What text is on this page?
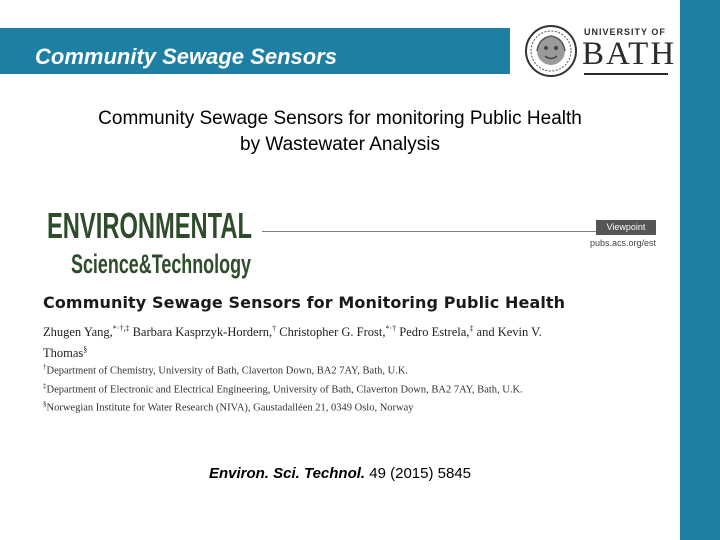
Community Sewage Sensors
UNIVERSITY OF
BATH
Community Sewage Sensors for monitoring Public Health
by Wastewater Analysis
ENVIRONMENTAL
Science&Technology
Viewpoint
pubs.acs.org/est
Community Sewage Sensors for Monitoring Public Health
Zhugen Yang,*·†,‡ Barbara Kasprzyk-Hordern,† Christopher G. Frost,*·† Pedro Estrela,‡ and Kevin V. Thomas§
†Department of Chemistry, University of Bath, Claverton Down, BA2 7AY, Bath, U.K.
‡Department of Electronic and Electrical Engineering, University of Bath, Claverton Down, BA2 7AY, Bath, U.K.
§Norwegian Institute for Water Research (NIVA), Gaustadalléen 21, 0349 Oslo, Norway
Environ. Sci. Technol. 49 (2015) 5845
